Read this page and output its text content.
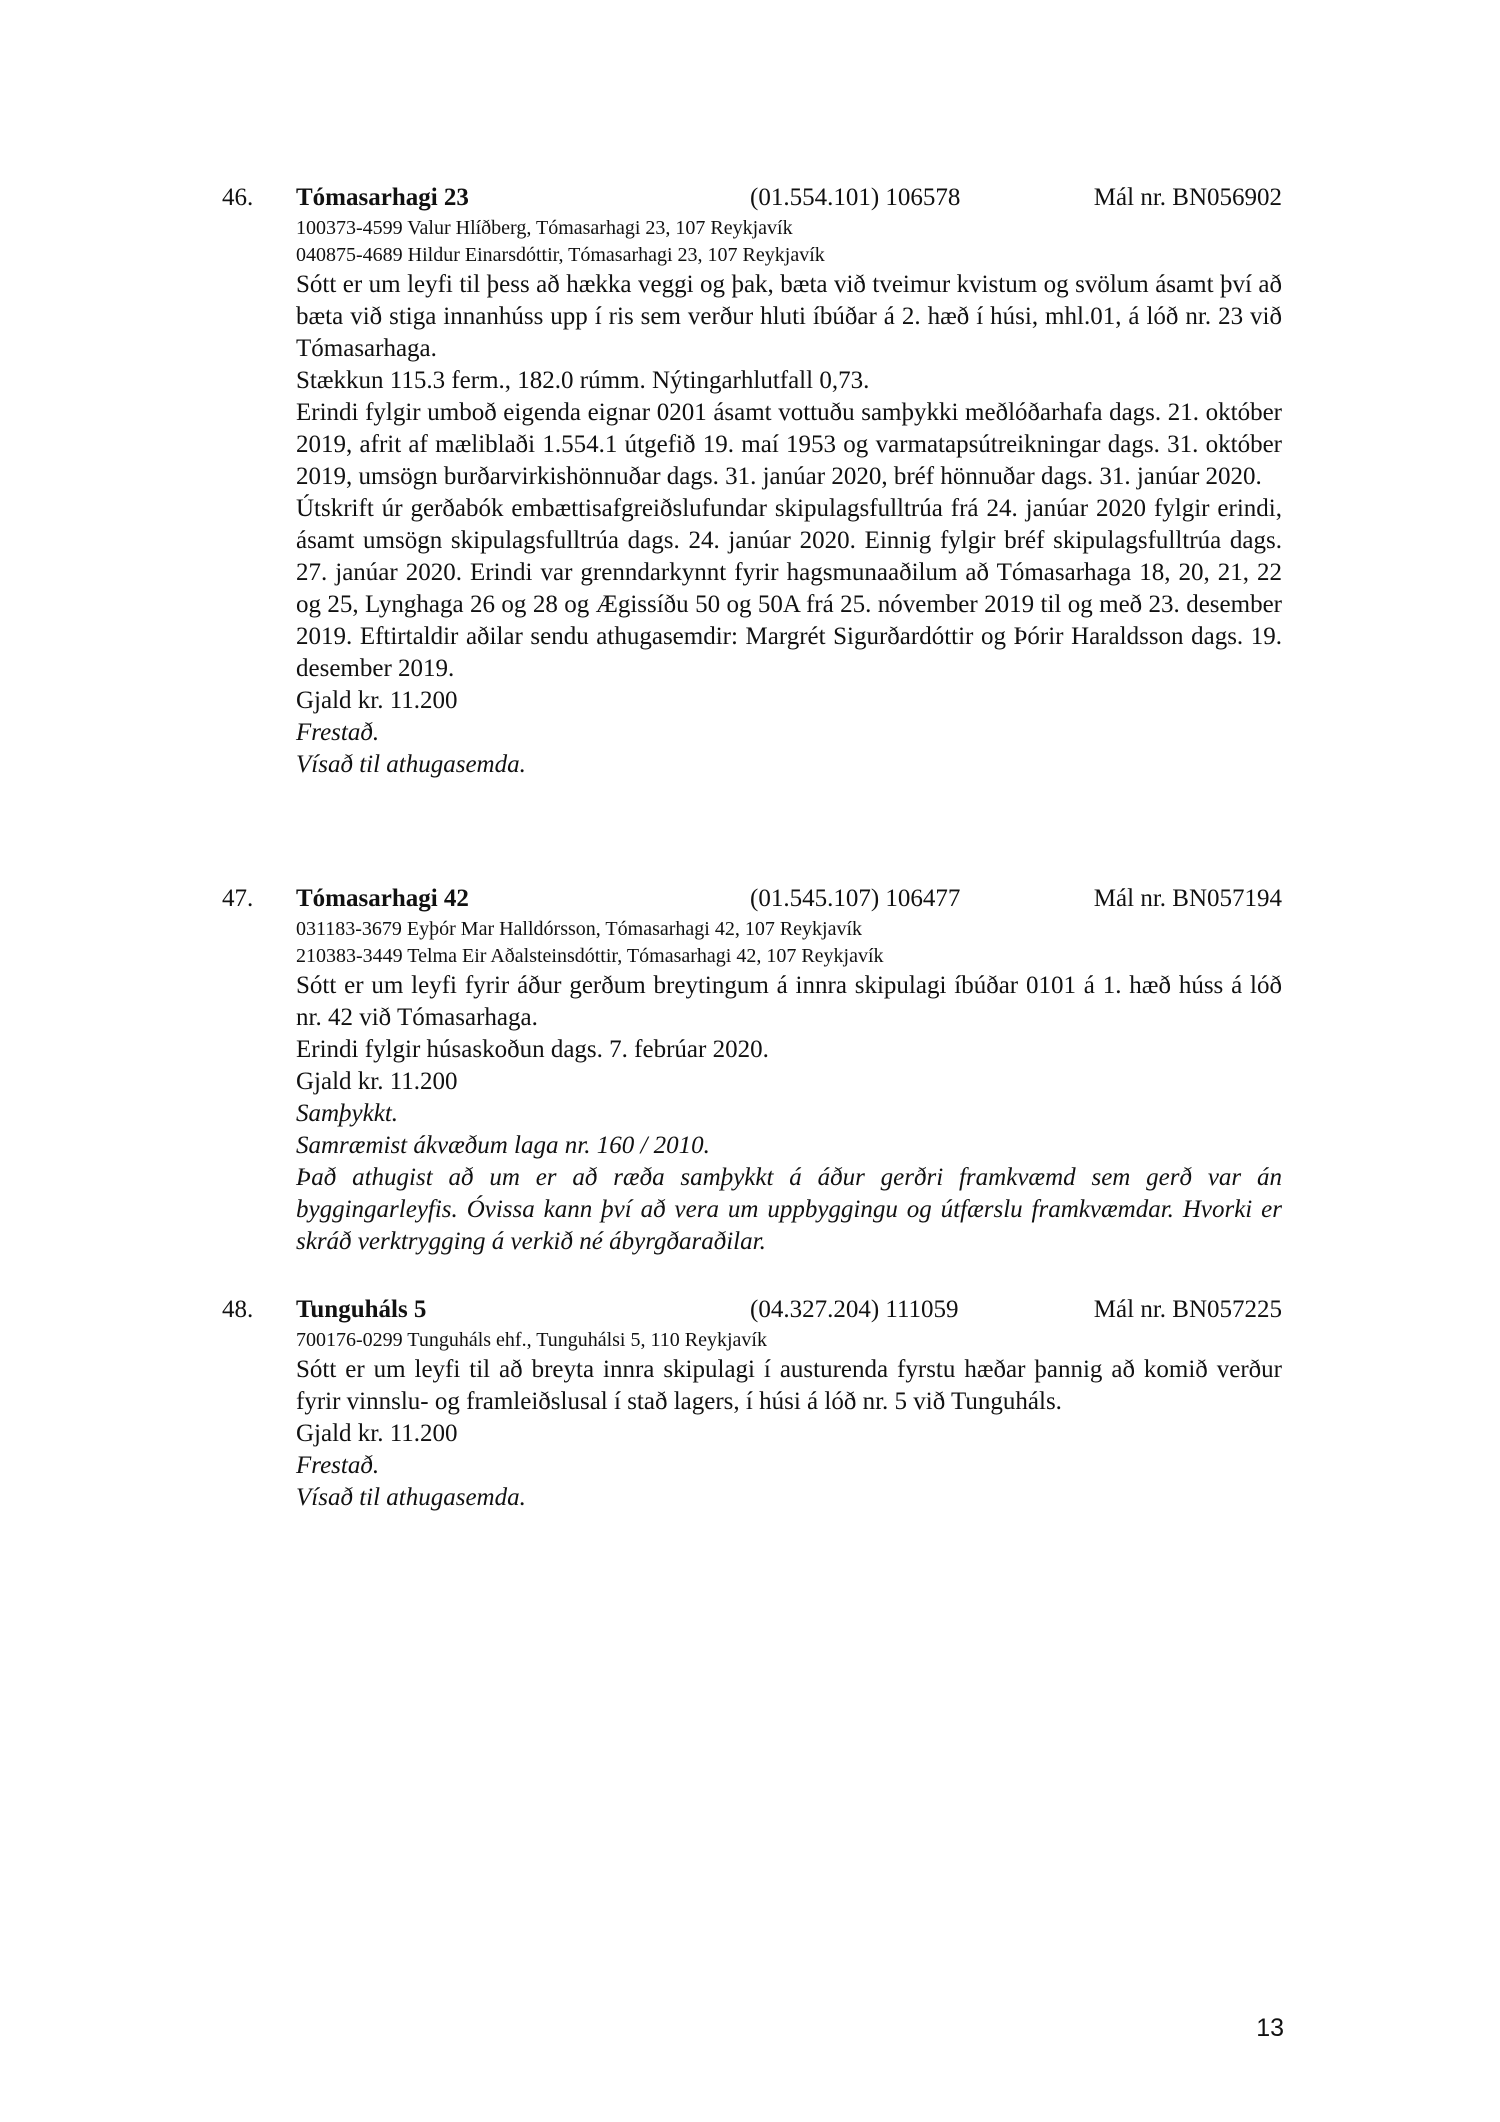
46. Tómasarhagi 23	(01.554.101) 106578	Mál nr. BN056902
100373-4599 Valur Hlíðberg, Tómasarhagi 23, 107 Reykjavík
040875-4689 Hildur Einarsdóttir, Tómasarhagi 23, 107 Reykjavík
Sótt er um leyfi til þess að hækka veggi og þak, bæta við tveimur kvistum og svölum ásamt því að bæta við stiga innanhúss upp í ris sem verður hluti íbúðar á 2. hæð í húsi, mhl.01, á lóð nr. 23 við Tómasarhaga.
Stækkun 115.3 ferm., 182.0 rúmm. Nýtingarhlutfall 0,73.
Erindi fylgir umboð eigenda eignar 0201 ásamt vottuðu samþykki meðlóðarhafa dags. 21. október 2019, afrit af mæliblaði 1.554.1 útgefið 19. maí 1953 og varmatapsútreikningar dags. 31. október 2019, umsögn burðarvirkishönnuðar dags. 31. janúar 2020, bréf hönnuðar dags. 31. janúar 2020.
Útskrift úr gerðabók embættisafgreiðslufundar skipulagsfulltrúa frá 24. janúar 2020 fylgir erindi, ásamt umsögn skipulagsfulltrúa dags. 24. janúar 2020. Einnig fylgir bréf skipulagsfulltrúa dags. 27. janúar 2020. Erindi var grenndarkynnt fyrir hagsmunaaðilum að Tómasarhaga 18, 20, 21, 22 og 25, Lynghaga 26 og 28 og Ægissíðu 50 og 50A frá 25. nóvember 2019 til og með 23. desember 2019. Eftirtaldir aðilar sendu athugasemdir: Margrét Sigurðardóttir og Þórir Haraldsson dags. 19. desember 2019.
Gjald kr. 11.200
Frestað.
Vísað til athugasemda.
47. Tómasarhagi 42	(01.545.107) 106477	Mál nr. BN057194
031183-3679 Eyþór Mar Halldórsson, Tómasarhagi 42, 107 Reykjavík
210383-3449 Telma Eir Aðalsteinsdóttir, Tómasarhagi 42, 107 Reykjavík
Sótt er um leyfi fyrir áður gerðum breytingum á innra skipulagi íbúðar 0101 á 1. hæð húss á lóð nr. 42 við Tómasarhaga.
Erindi fylgir húsaskoðun dags. 7. febrúar 2020.
Gjald kr. 11.200
Samþykkt.
Samræmist ákvæðum laga nr. 160 / 2010.
Það athugist að um er að ræða samþykkt á áður gerðri framkvæmd sem gerð var án byggingarleyfis. Óvissa kann því að vera um uppbyggingu og útfærslu framkvæmdar. Hvorki er skráð verktrygging á verkið né ábyrgðaraðilar.
48. Tunguháls 5	(04.327.204) 111059	Mál nr. BN057225
700176-0299 Tunguháls ehf., Tunguhálsi 5, 110 Reykjavík
Sótt er um leyfi til að breyta innra skipulagi í austurenda fyrstu hæðar þannig að komið verður fyrir vinnslu- og framleiðslusal í stað lagers, í húsi á lóð nr. 5 við Tunguháls.
Gjald kr. 11.200
Frestað.
Vísað til athugasemda.
13
